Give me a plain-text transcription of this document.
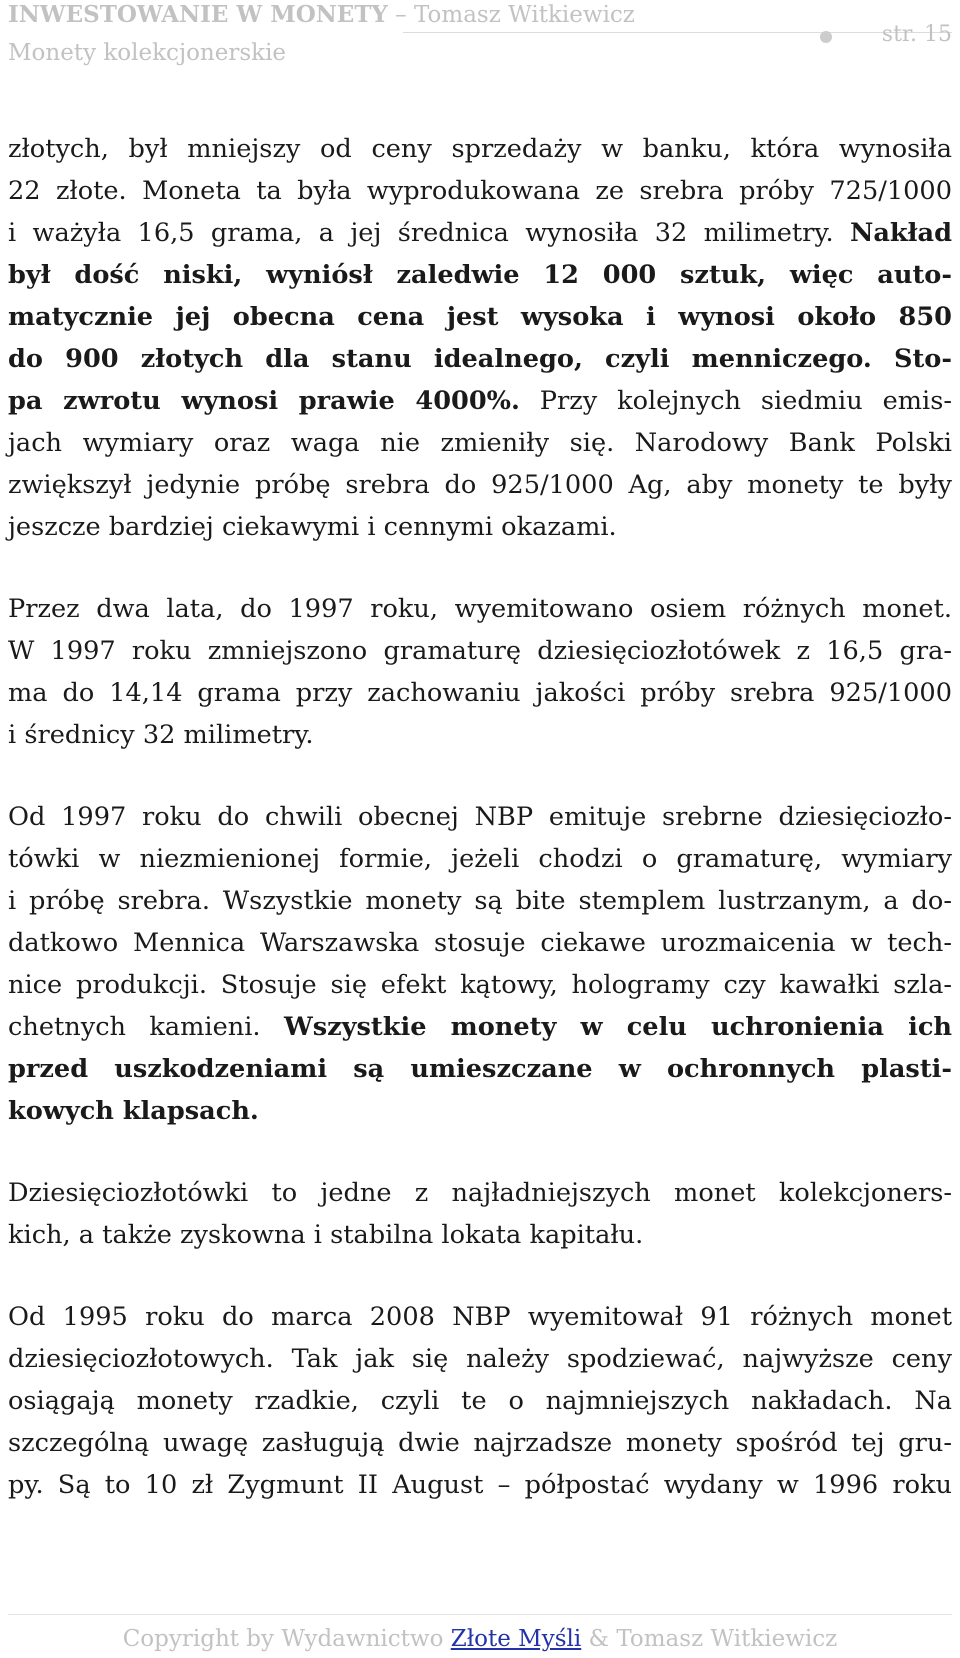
INWESTOWANIE W MONETY – Tomasz Witkiewicz
Monety kolekcjonerskie
str. 15

złotych, był mniejszy od ceny sprzedaży w banku, która wynosiła
22 złote. Moneta ta była wyprodukowana ze srebra próby 725/1000
i ważyła 16,5 grama, a jej średnica wynosiła 32 milimetry. Nakład
był dość niski, wyniósł zaledwie 12 000 sztuk, więc auto-
matycznie jej obecna cena jest wysoka i wynosi około 850
do 900 złotych dla stanu idealnego, czyli menniczego. Sto-
pa zwrotu wynosi prawie 4000%. Przy kolejnych siedmiu emis-
jach wymiary oraz waga nie zmieniły się. Narodowy Bank Polski
zwiększył jedynie próbę srebra do 925/1000 Ag, aby monety te były
jeszcze bardziej ciekawymi i cennymi okazami.

Przez dwa lata, do 1997 roku, wyemitowano osiem różnych monet.
W 1997 roku zmniejszono gramaturę dziesięciozłotówek z 16,5 gra-
ma do 14,14 grama przy zachowaniu jakości próby srebra 925/1000
i średnicy 32 milimetry.

Od 1997 roku do chwili obecnej NBP emituje srebrne dziesięciozło-
tówki w niezmienionej formie, jeżeli chodzi o gramaturę, wymiary
i próbę srebra. Wszystkie monety są bite stemplem lustrzanym, a do-
datkowo Mennica Warszawska stosuje ciekawe urozmaicenia w tech-
nice produkcji. Stosuje się efekt kątowy, hologramy czy kawałki szla-
chetnych kamieni. Wszystkie monety w celu uchronienia ich
przed uszkodzeniami są umieszczane w ochronnych plasti-
kowych klapsach.

Dziesięciozłotówki to jedne z najładniejszych monet kolekcjoners-
kich, a także zyskowna i stabilna lokata kapitału.

Od 1995 roku do marca 2008 NBP wyemitował 91 różnych monet
dziesięciozłotowych. Tak jak się należy spodziewać, najwyższe ceny
osiągają monety rzadkie, czyli te o najmniejszych nakładach. Na
szczególną uwagę zasługują dwie najrzadsze monety spośród tej gru-
py. Są to 10 zł Zygmunt II August – półpostać wydany w 1996 roku

Copyright by Wydawnictwo Złote Myśli & Tomasz Witkiewicz
